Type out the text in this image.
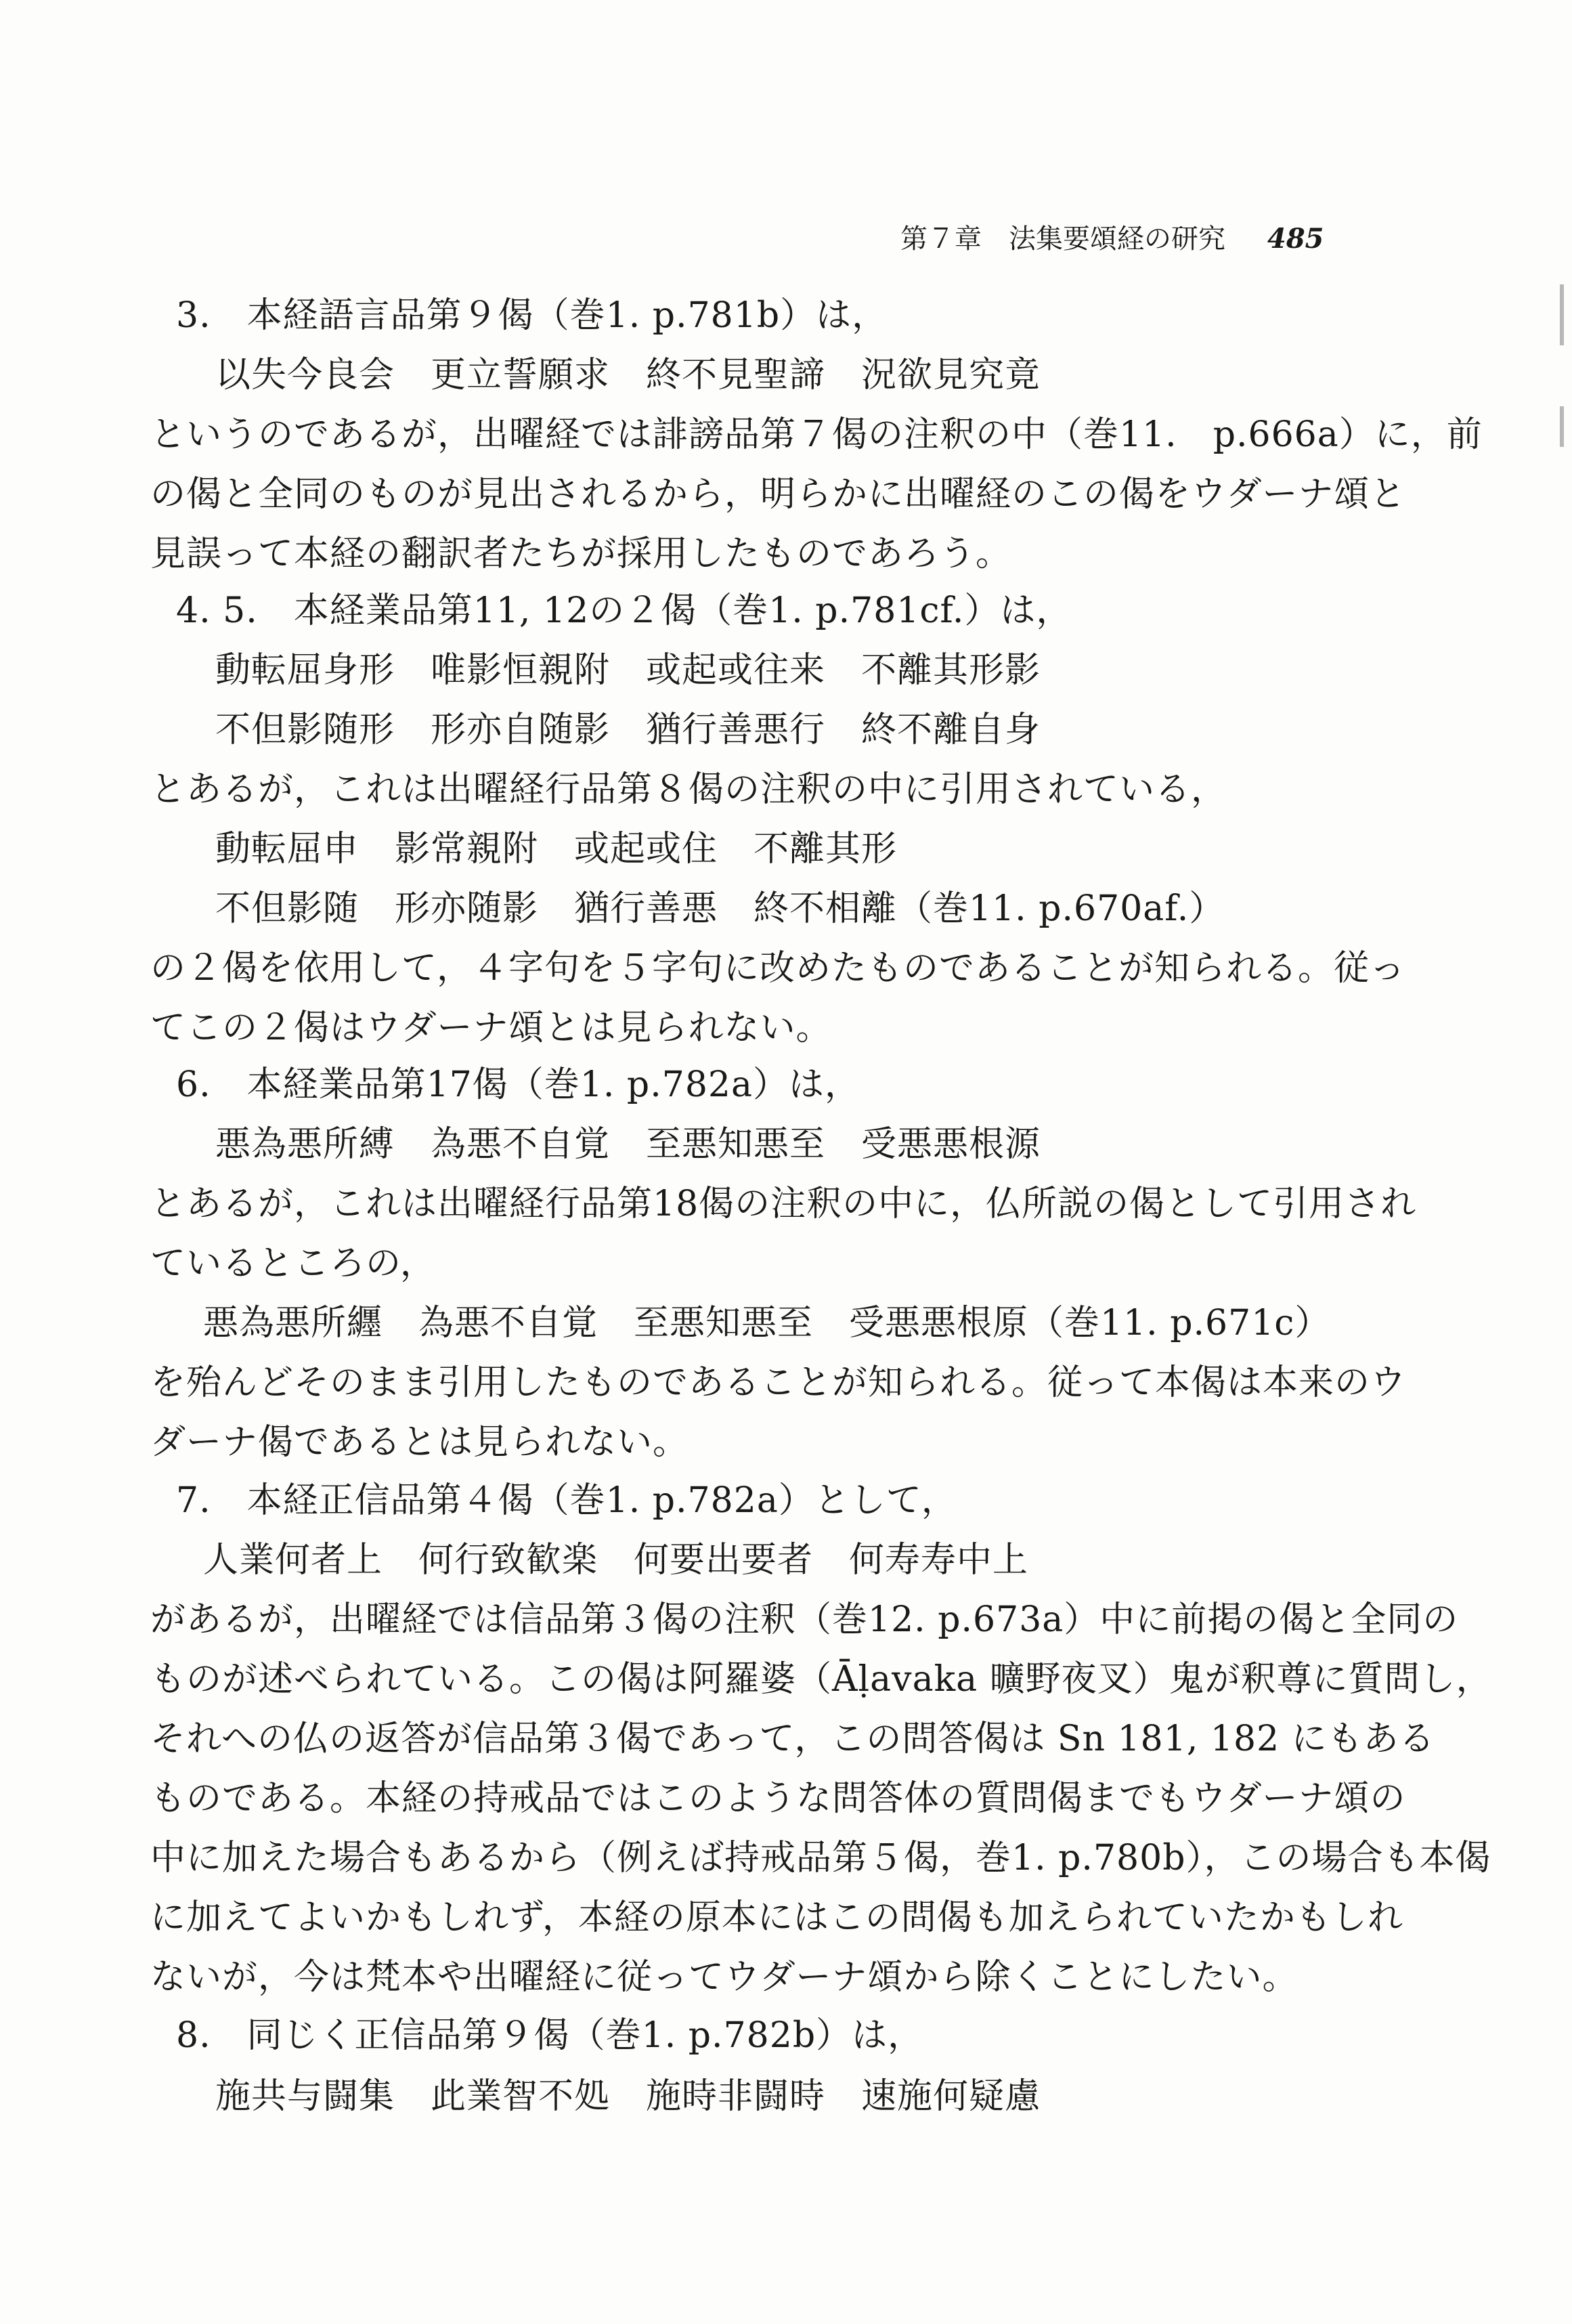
第７章　法集要頌経の研究 485
3.　本経語言品第９偈（巻1. p.781b）は，
以失今良会　更立誓願求　終不見聖諦　況欲見究竟
というのであるが，出曜経では誹謗品第７偈の注釈の中（巻11.　p.666a）に，前
の偈と全同のものが見出されるから，明らかに出曜経のこの偈をウダーナ頌と
見誤って本経の翻訳者たちが採用したものであろう。
4. 5.　本経業品第11, 12の２偈（巻1. p.781cf.）は，
動転屈身形　唯影恒親附　或起或往来　不離其形影
不但影随形　形亦自随影　猶行善悪行　終不離自身
とあるが，これは出曜経行品第８偈の注釈の中に引用されている，
動転屈申　影常親附　或起或住　不離其形
不但影随　形亦随影　猶行善悪　終不相離（巻11. p.670af.）
の２偈を依用して，４字句を５字句に改めたものであることが知られる。従っ
てこの２偈はウダーナ頌とは見られない。
6.　本経業品第17偈（巻1. p.782a）は，
悪為悪所縛　為悪不自覚　至悪知悪至　受悪悪根源
とあるが，これは出曜経行品第18偈の注釈の中に，仏所説の偈として引用され
ているところの，
悪為悪所纒　為悪不自覚　至悪知悪至　受悪悪根原（巻11. p.671c）
を殆んどそのまま引用したものであることが知られる。従って本偈は本来のウ
ダーナ偈であるとは見られない。
7.　本経正信品第４偈（巻1. p.782a）として，
人業何者上　何行致歓楽　何要出要者　何寿寿中上
があるが，出曜経では信品第３偈の注釈（巻12. p.673a）中に前掲の偈と全同の
ものが述べられている。この偈は阿羅婆（Āḷavaka 曠野夜叉）鬼が釈尊に質問し，
それへの仏の返答が信品第３偈であって，この問答偈は Sn 181, 182 にもある
ものである。本経の持戒品ではこのような問答体の質問偈までもウダーナ頌の
中に加えた場合もあるから（例えば持戒品第５偈，巻1. p.780b），この場合も本偈
に加えてよいかもしれず，本経の原本にはこの問偈も加えられていたかもしれ
ないが，今は梵本や出曜経に従ってウダーナ頌から除くことにしたい。
8.　同じく正信品第９偈（巻1. p.782b）は，
施共与闘集　此業智不処　施時非闘時　速施何疑慮
